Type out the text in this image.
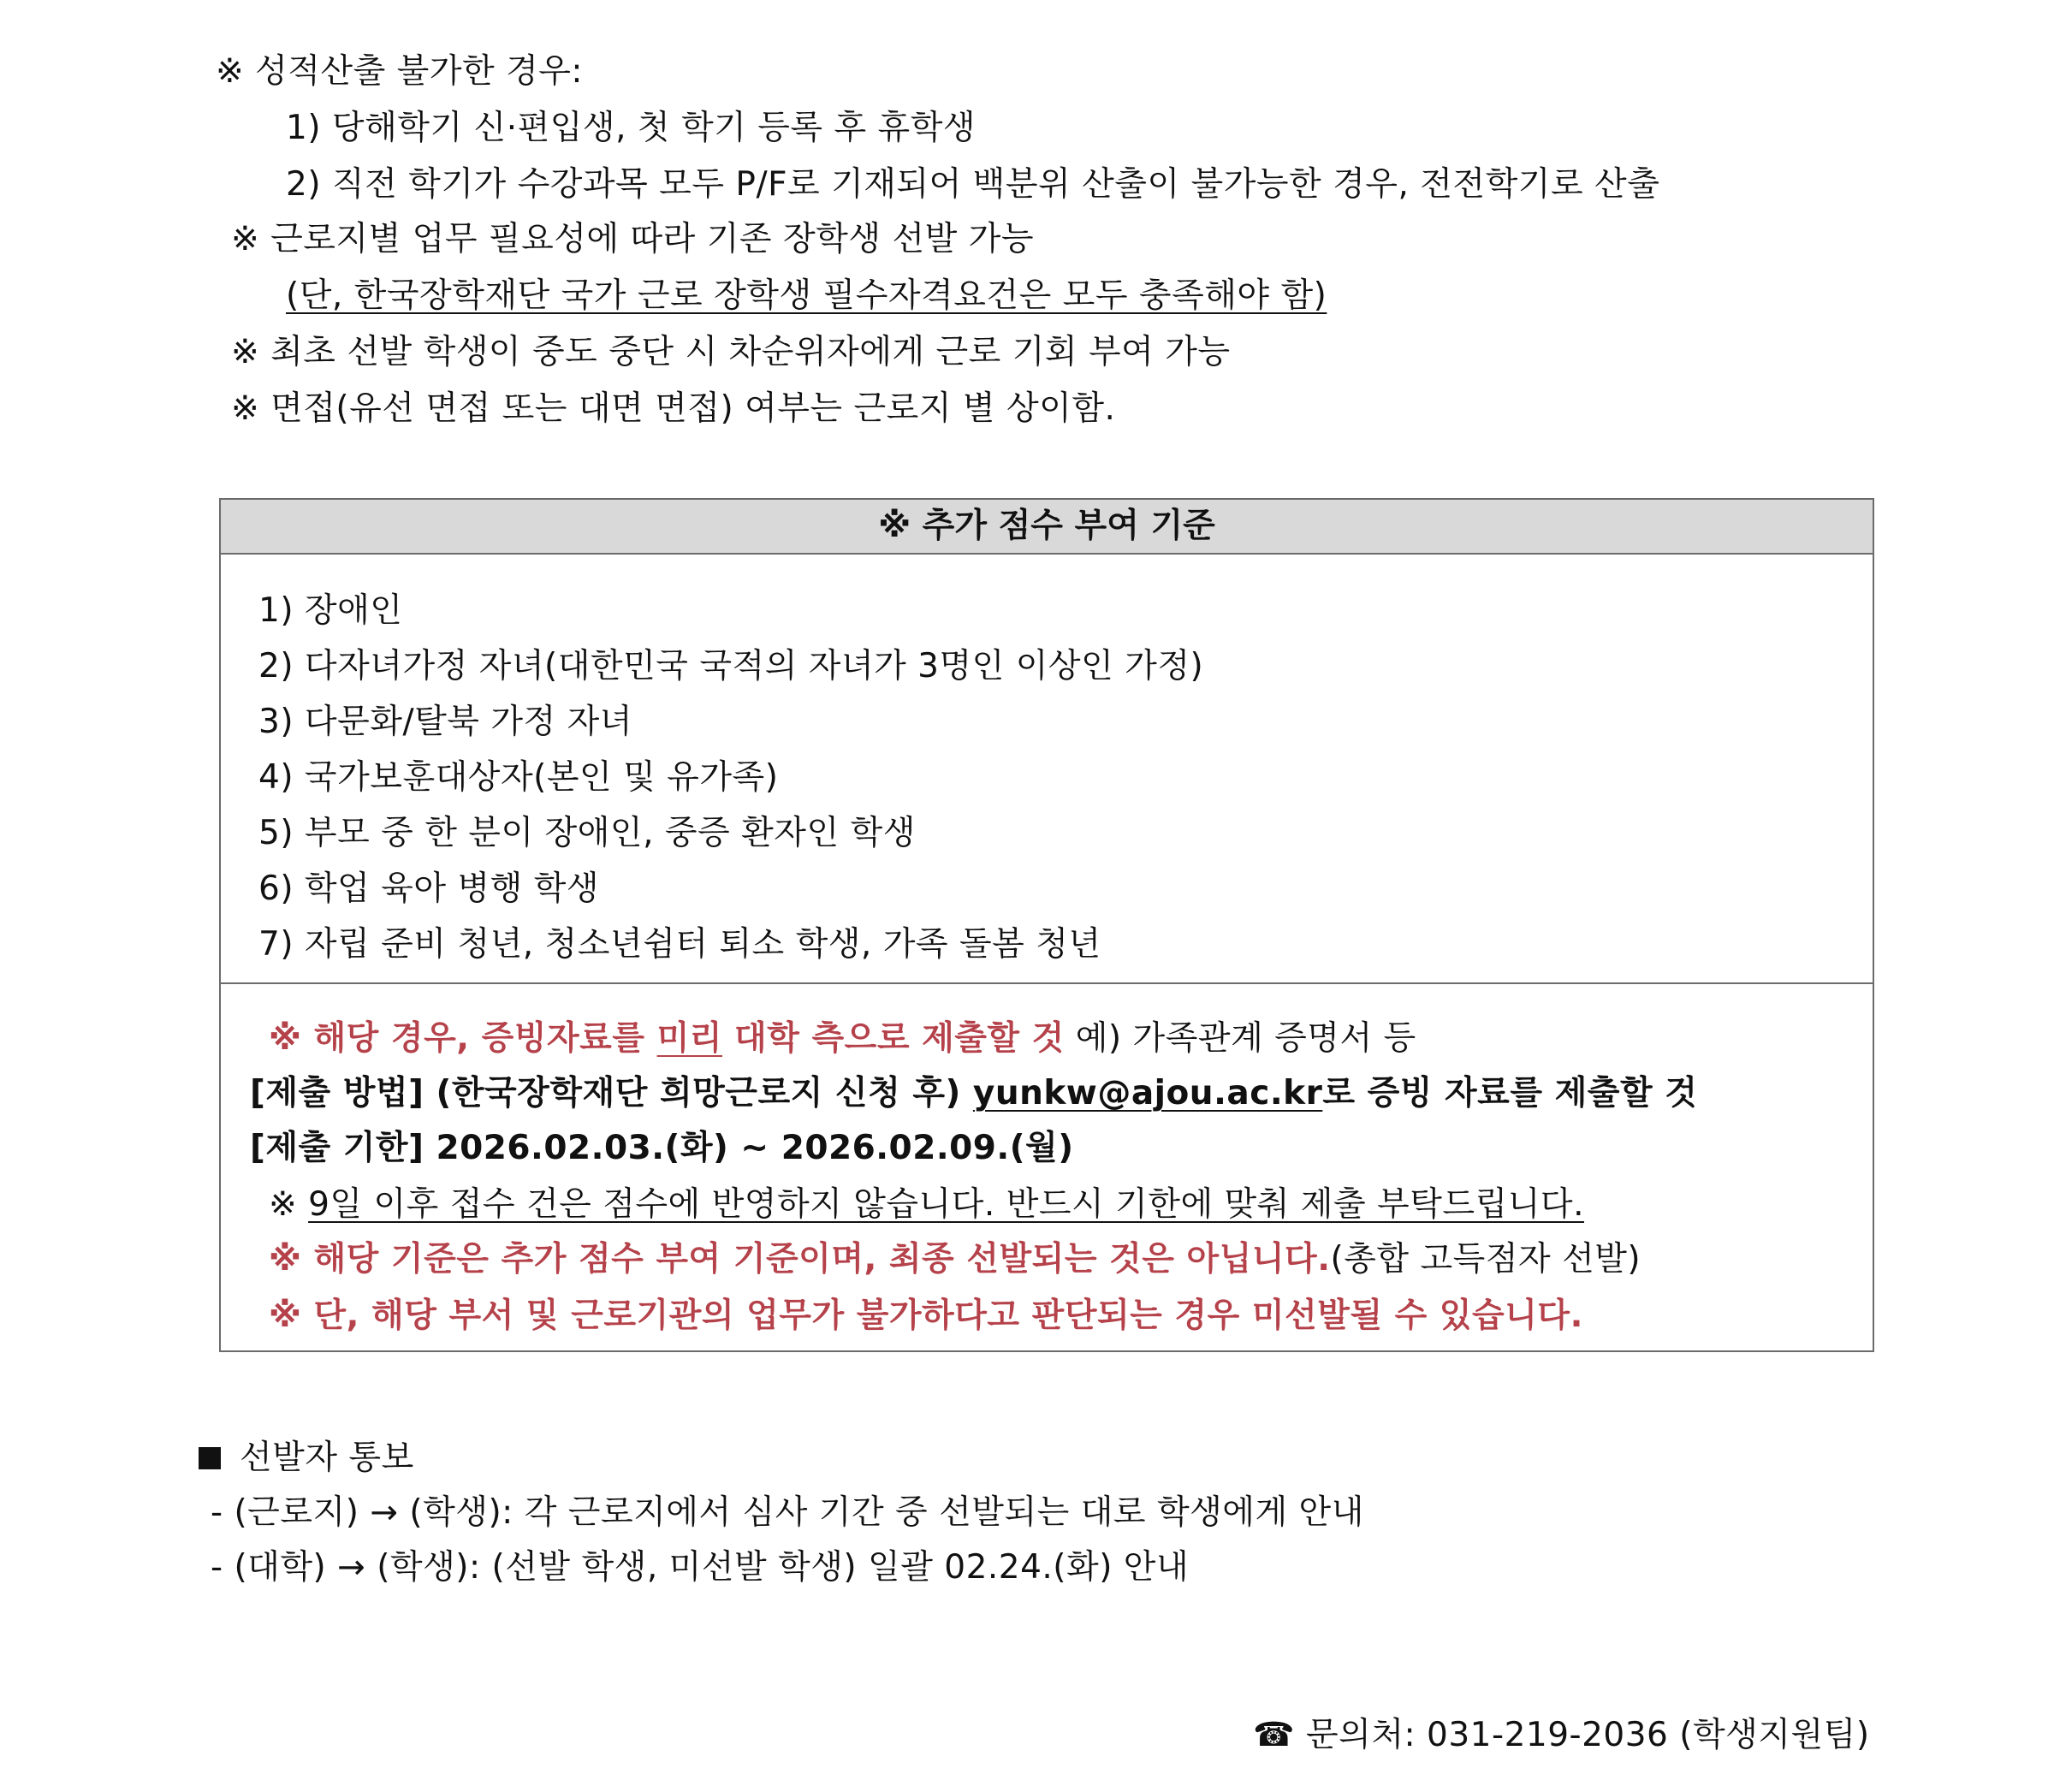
※ 성적산출 불가한 경우:
1) 당해학기 신·편입생, 첫 학기 등록 후 휴학생
2) 직전 학기가 수강과목 모두 P/F로 기재되어 백분위 산출이 불가능한 경우, 전전학기로 산출
※ 근로지별 업무 필요성에 따라 기존 장학생 선발 가능
(단, 한국장학재단 국가 근로 장학생 필수자격요건은 모두 충족해야 함)
※ 최초 선발 학생이 중도 중단 시 차순위자에게 근로 기회 부여 가능
※ 면접(유선 면접 또는 대면 면접) 여부는 근로지 별 상이함.
※ 추가 점수 부여 기준
1) 장애인
2) 다자녀가정 자녀(대한민국 국적의 자녀가 3명인 이상인 가정)
3) 다문화/탈북 가정 자녀
4) 국가보훈대상자(본인 및 유가족)
5) 부모 중 한 분이 장애인, 중증 환자인 학생
6) 학업 육아 병행 학생
7) 자립 준비 청년, 청소년쉼터 퇴소 학생, 가족 돌봄 청년
※ 해당 경우, 증빙자료를 미리 대학 측으로 제출할 것 예) 가족관계 증명서 등
[제출 방법] (한국장학재단 희망근로지 신청 후) yunkw@ajou.ac.kr로 증빙 자료를 제출할 것
[제출 기한] 2026.02.03.(화) ~ 2026.02.09.(월)
※ 9일 이후 접수 건은 점수에 반영하지 않습니다. 반드시 기한에 맞춰 제출 부탁드립니다.
※ 해당 기준은 추가 점수 부여 기준이며, 최종 선발되는 것은 아닙니다.(총합 고득점자 선발)
※ 단, 해당 부서 및 근로기관의 업무가 불가하다고 판단되는 경우 미선발될 수 있습니다.
선발자 통보
- (근로지) → (학생): 각 근로지에서 심사 기간 중 선발되는 대로 학생에게 안내
- (대학) → (학생): (선발 학생, 미선발 학생) 일괄 02.24.(화) 안내
☎ 문의처: 031-219-2036 (학생지원팀)
